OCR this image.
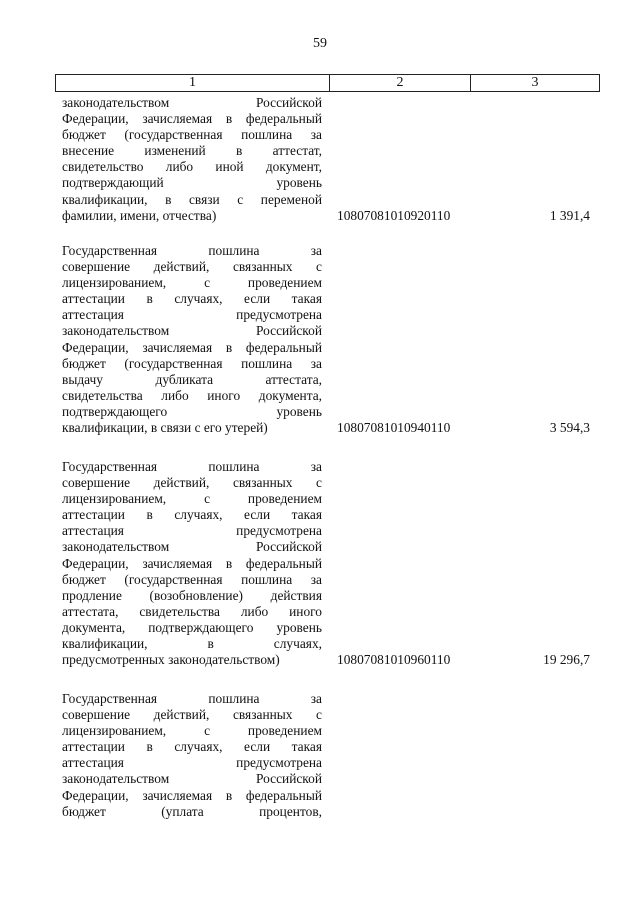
59
1	2	3
законодательством Российской
Федерации, зачисляемая в федеральный
бюджет (государственная пошлина за
внесение изменений в аттестат,
свидетельство либо иной документ,
подтверждающий уровень
квалификации, в связи с переменой
фамилии, имени, отчества)	10807081010920110	1 391,4
Государственная пошлина за
совершение действий, связанных с
лицензированием, с проведением
аттестации в случаях, если такая
аттестация предусмотрена
законодательством Российской
Федерации, зачисляемая в федеральный
бюджет (государственная пошлина за
выдачу дубликата аттестата,
свидетельства либо иного документа,
подтверждающего уровень
квалификации, в связи с его утерей)	10807081010940110	3 594,3
Государственная пошлина за
совершение действий, связанных с
лицензированием, с проведением
аттестации в случаях, если такая
аттестация предусмотрена
законодательством Российской
Федерации, зачисляемая в федеральный
бюджет (государственная пошлина за
продление (возобновление) действия
аттестата, свидетельства либо иного
документа, подтверждающего уровень
квалификации, в случаях,
предусмотренных законодательством)	10807081010960110	19 296,7
Государственная пошлина за
совершение действий, связанных с
лицензированием, с проведением
аттестации в случаях, если такая
аттестация предусмотрена
законодательством Российской
Федерации, зачисляемая в федеральный
бюджет (уплата процентов,
